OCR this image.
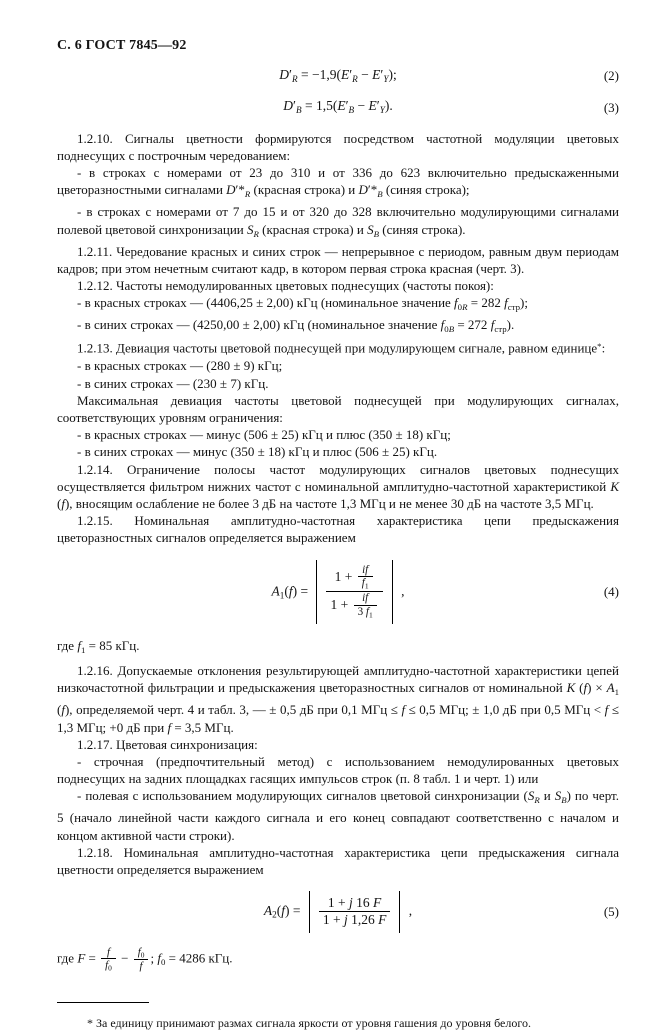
С. 6 ГОСТ 7845—92
$D'_R = -1,9(E'_R - E'_Y)$;	(2)
$D'_B = 1,5(E'_B - E'_Y)$.	(3)

1.2.10. Сигналы цветности формируются посредством частотной модуляции цветовых поднесущих с построчным чередованием:

- в строках с номерами от 23 до 310 и от 336 до 623 включительно предыскаженными цветоразностными сигналами $D'*_R$ (красная строка) и $D'*_B$ (синяя строка);

- в строках с номерами от 7 до 15 и от 320 до 328 включительно модулирующими сигналами полевой цветовой синхронизации $S_R$ (красная строка) и $S_B$ (синяя строка).

1.2.11. Чередование красных и синих строк — непрерывное с периодом, равным двум периодам кадров; при этом нечетным считают кадр, в котором первая строка красная (черт. 3).

1.2.12. Частоты немодулированных цветовых поднесущих (частоты покоя):

- в красных строках — (4406,25 ± 2,00) кГц (номинальное значение $f_{0R} = 282$ $f_{стр}$);

- в синих строках — (4250,00 ± 2,00) кГц (номинальное значение $f_{0B} = 272$ $f_{стр}$).

1.2.13. Девиация частоты цветовой поднесущей при модулирующем сигнале, равном единице*:

- в красных строках — (280 ± 9) кГц;

- в синих строках — (230 ± 7) кГц.

Максимальная девиация частоты цветовой поднесущей при модулирующих сигналах, соответствующих уровням ограничения:

- в красных строках — минус (506 ± 25) кГц и плюс (350 ± 18) кГц;

- в синих строках — минус (350 ± 18) кГц и плюс (506 ± 25) кГц.

1.2.14. Ограничение полосы частот модулирующих сигналов цветовых поднесущих осуществляется фильтром нижних частот с номинальной амплитудно-частотной характеристикой K (f), вносящим ослабление не более 3 дБ на частоте 1,3 МГц и не менее 30 дБ на частоте 3,5 МГц.

1.2.15. Номинальная амплитудно-частотная характеристика цепи предыскажения цветоразностных сигналов определяется выражением

$A_1(f) = \frac{1 + \frac{if}{f_1}}{1 + \frac{if}{3 f_1}}$ ,	(4)

где $f_1 = 85$ кГц.

1.2.16. Допускаемые отклонения результирующей амплитудно-частотной характеристики цепей низкочастотной фильтрации и предыскажения цветоразностных сигналов от номинальной K $(f) \times A_1$ (f), определяемой черт. 4 и табл. 3, — ± 0,5 дБ при 0,1 МГц ≤ f ≤ 0,5 МГц; ± 1,0 дБ при 0,5 МГц < f ≤ 1,3 МГц; +0 дБ при f = 3,5 МГц.

1.2.17. Цветовая синхронизация:

- строчная (предпочтительный метод) с использованием немодулированных цветовых поднесущих на задних площадках гасящих импульсов строк (п. 8 табл. 1 и черт. 1) или

- полевая с использованием модулирующих сигналов цветовой синхронизации ($S_R$ и $S_B$) по черт. 5 (начало линейной части каждого сигнала и его конец совпадают соответственно с началом и концом активной части строки).

1.2.18. Номинальная амплитудно-частотная характеристика цепи предыскажения сигнала цветности определяется выражением

$A_2(f) = \frac{1 + j 16 F}{1 + j 1,26 F}$ ,	(5)

где $F = \frac{f}{f_0} - \frac{f_0}{f}$ ; $f_0 = 4286$ кГц.

* За единицу принимают размах сигнала яркости от уровня гашения до уровня белого.
